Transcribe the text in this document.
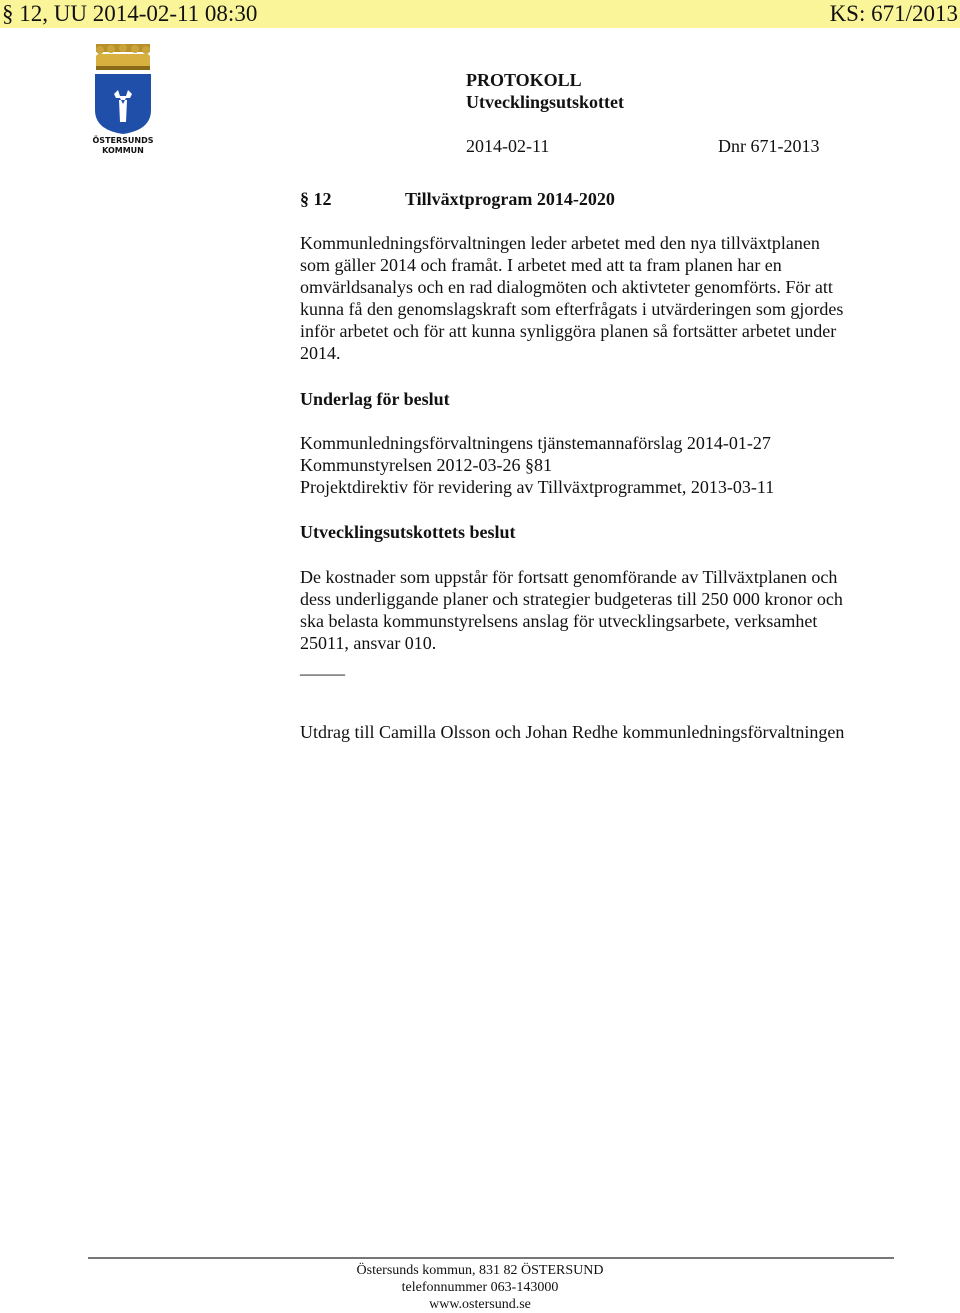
§ 12, UU 2014-02-11 08:30	KS: 671/2013
ÖSTERSUNDS
KOMMUN
PROTOKOLL
Utvecklingsutskottet
2014-02-11	Dnr 671-2013
§ 12	Tillväxtprogram 2014-2020
Kommunledningsförvaltningen leder arbetet med den nya tillväxtplanen
som gäller 2014 och framåt. I arbetet med att ta fram planen har en
omvärldsanalys och en rad dialogmöten och aktivteter genomförts. För att
kunna få den genomslagskraft som efterfrågats i utvärderingen som gjordes
inför arbetet och för att kunna synliggöra planen så fortsätter arbetet under
2014.
Underlag för beslut
Kommunledningsförvaltningens tjänstemannaförslag 2014-01-27
Kommunstyrelsen 2012-03-26 §81
Projektdirektiv för revidering av Tillväxtprogrammet, 2013-03-11
Utvecklingsutskottets beslut
De kostnader som uppstår för fortsatt genomförande av Tillväxtplanen och
dess underliggande planer och strategier budgeteras till 250 000 kronor och
ska belasta kommunstyrelsens anslag för utvecklingsarbete, verksamhet
25011, ansvar 010.
_____
Utdrag till Camilla Olsson och Johan Redhe kommunledningsförvaltningen
Östersunds kommun, 831 82 ÖSTERSUND
telefonnummer 063-143000
www.ostersund.se
